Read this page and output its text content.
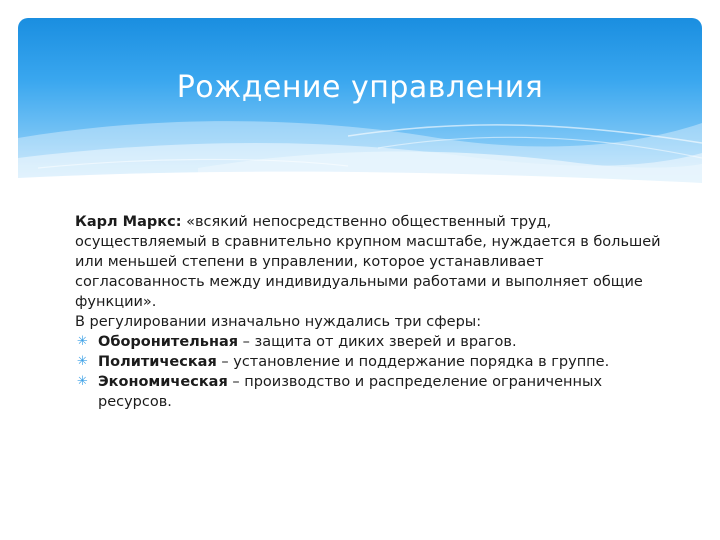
Рождение управления

Карл Маркс: «всякий непосредственно общественный труд, осуществляемый в сравнительно крупном масштабе, нуждается в большей или меньшей степени в управлении, которое устанавливает согласованность между индивидуальными работами и выполняет общие функции».

В регулировании изначально нуждались три сферы:

✳ Оборонительная – защита от диких зверей и врагов.
✳ Политическая – установление и поддержание порядка в группе.
✳ Экономическая – производство и распределение ограниченных ресурсов.
